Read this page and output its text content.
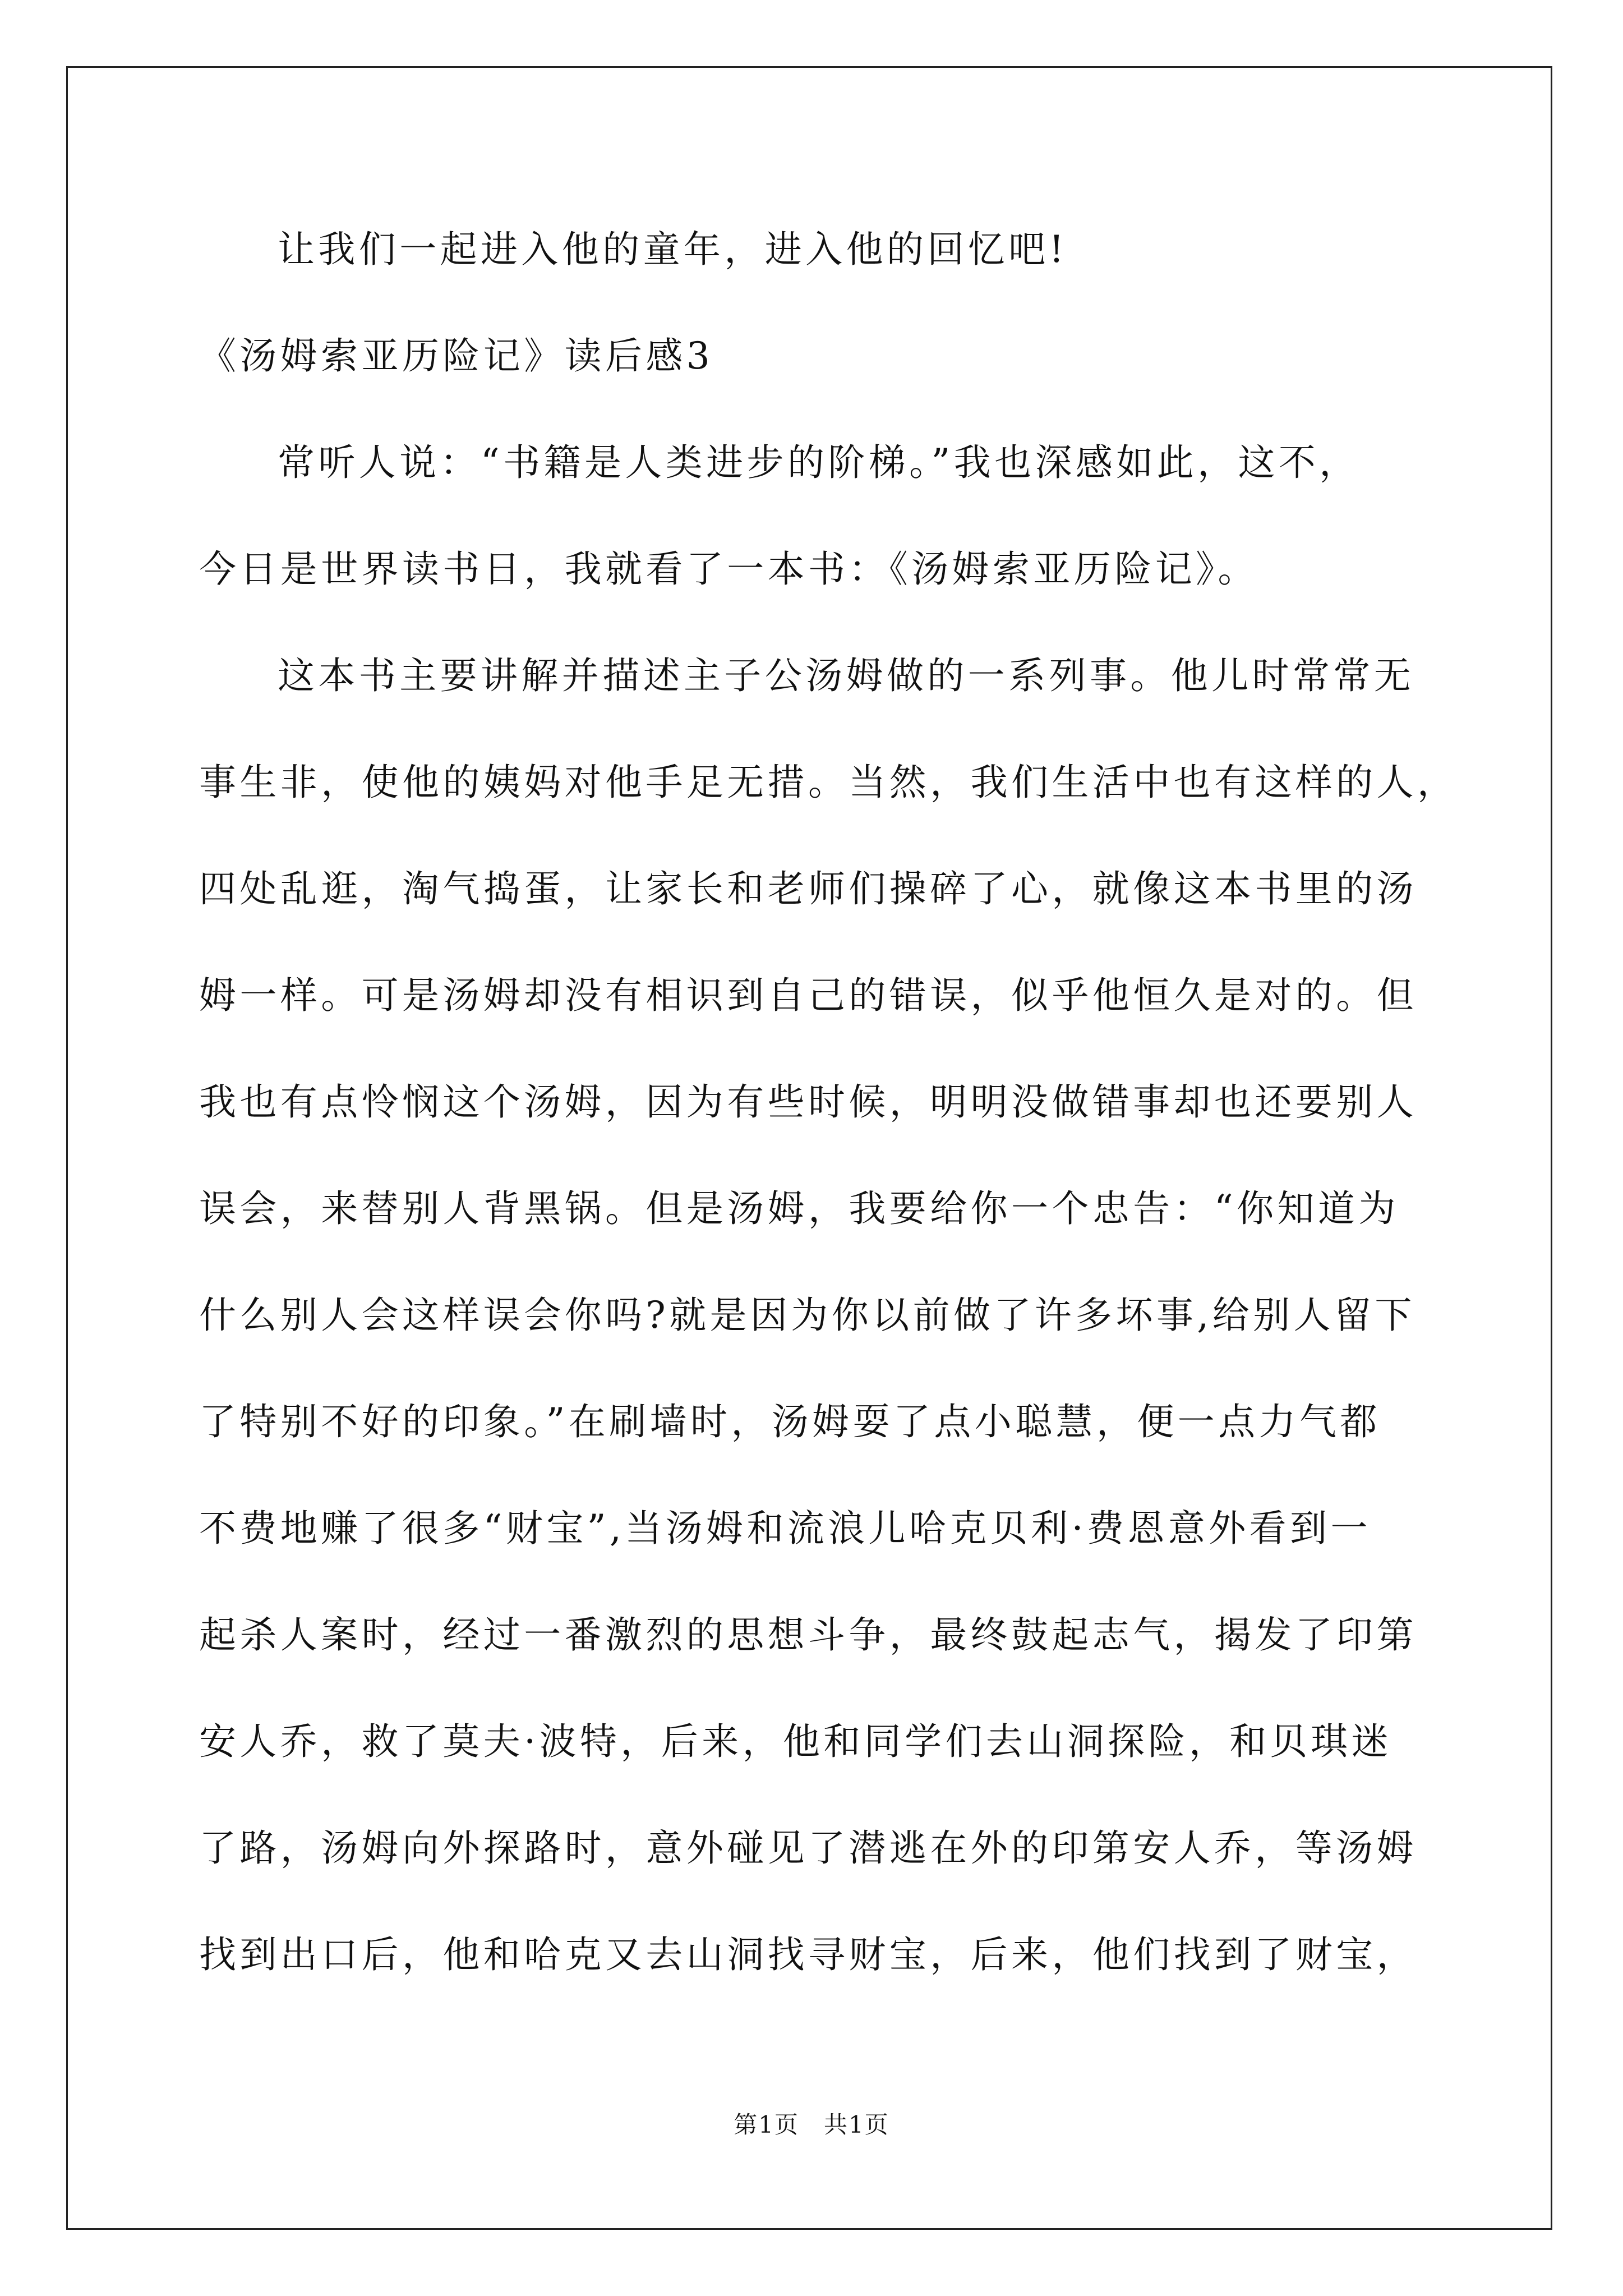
让我们一起进入他的童年，进入他的回忆吧!
《汤姆索亚历险记》读后感3
常听人说：“书籍是人类进步的阶梯。”我也深感如此，这不，
今日是世界读书日，我就看了一本书：《汤姆索亚历险记》。
这本书主要讲解并描述主子公汤姆做的一系列事。他儿时常常无
事生非，使他的姨妈对他手足无措。当然，我们生活中也有这样的人，
四处乱逛，淘气捣蛋，让家长和老师们操碎了心，就像这本书里的汤
姆一样。可是汤姆却没有相识到自己的错误，似乎他恒久是对的。但
我也有点怜悯这个汤姆，因为有些时候，明明没做错事却也还要别人
误会，来替别人背黑锅。但是汤姆，我要给你一个忠告：“你知道为
什么别人会这样误会你吗?就是因为你以前做了许多坏事,给别人留下
了特别不好的印象。”在刷墙时，汤姆耍了点小聪慧，便一点力气都
不费地赚了很多“财宝”,当汤姆和流浪儿哈克贝利·费恩意外看到一
起杀人案时，经过一番激烈的思想斗争，最终鼓起志气，揭发了印第
安人乔，救了莫夫·波特，后来，他和同学们去山洞探险，和贝琪迷
了路，汤姆向外探路时，意外碰见了潜逃在外的印第安人乔，等汤姆
找到出口后，他和哈克又去山洞找寻财宝，后来，他们找到了财宝，
第1页　共1页
